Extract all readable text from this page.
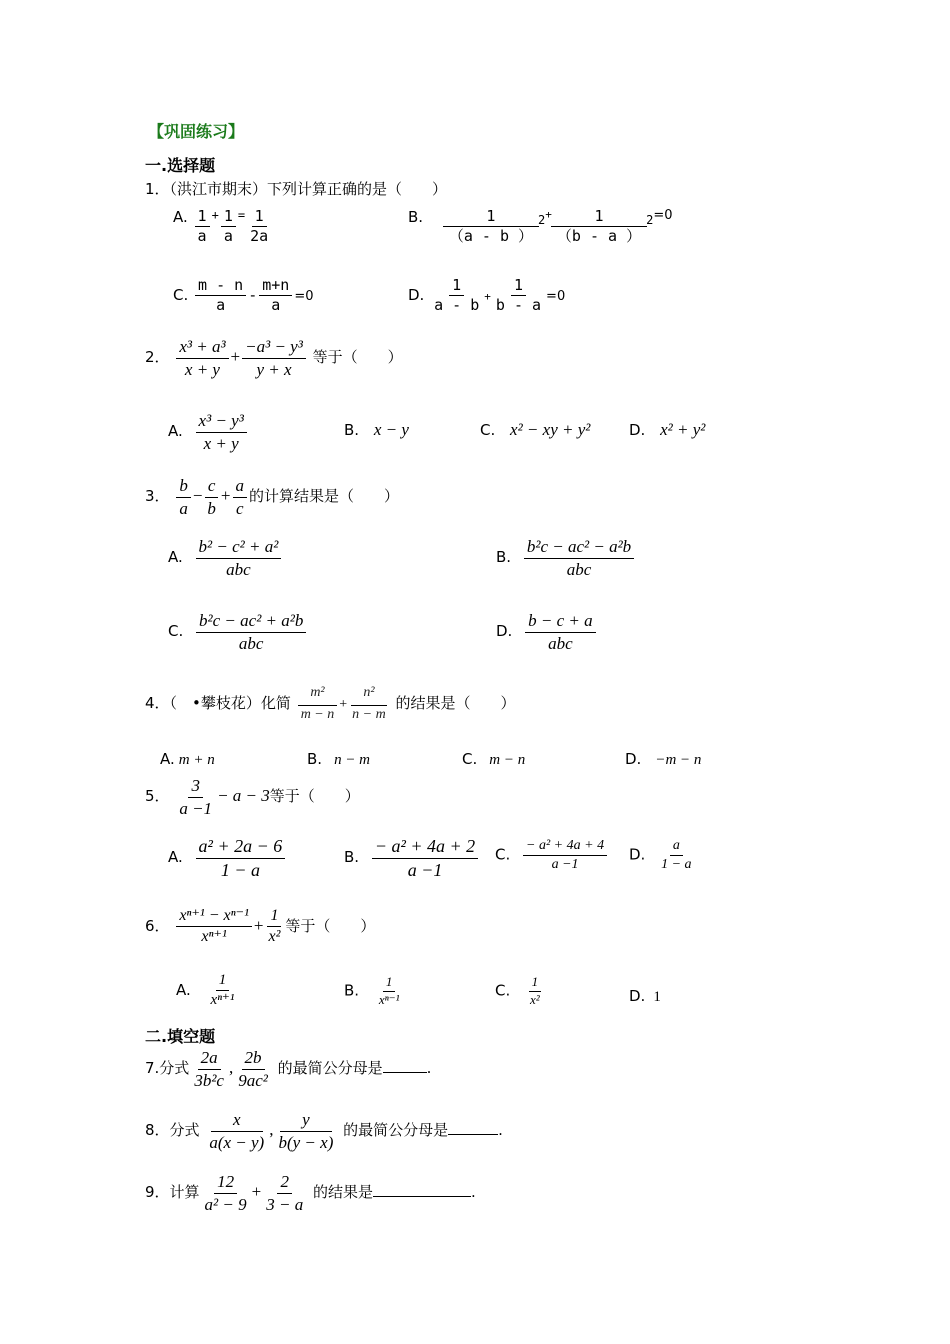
【巩固练习】
一.选择题
1．（洪江市期末）下列计算正确的是（　　）
A. $\frac{1}{a} ^+ \frac{1}{a} ^= \frac{1}{2a}$	B. $\frac{1}{(a - b )} ^{2+} \frac{1}{(b - a )} ^2=0$
C. $\frac{m - n}{a} - \frac{m+n}{a} =0$	D. $\frac{1}{a - b} + \frac{1}{b - a} =0$
2． $\frac{\text{x³ + a³}}{x + y} + \frac{\text{−a³ − y³}}{y + x}$ 等于（　　）
A. $\frac{\text{x³ − y³}}{x + y}$	B. x − y	C. x² − xy + y²	D. x² + y²
3． $\frac{b}{a} - \frac{c}{b} + \frac{a}{c}$ 的计算结果是（　　）
A. $\frac{\text{b² − c² + a²}}{\text{abc}}$	B. $\frac{\text{b²c − ac² − a²b}}{\text{abc}}$
C. $\frac{\text{b²c − ac² + a²b}}{\text{abc}}$	D. $\frac{b - c + a}{\text{abc}}$
4．（　•攀枝花）化简 $\frac{\text{m²}}{m - n} + \frac{\text{n²}}{n - m}$ 的结果是（　　）
A. m + n	B. n − m	C. m − n	D. −m − n
5． $\frac{3}{a -1} - a - 3$等于（　　）
A. $\frac{\text{a² + 2a − 6}}{1 - a}$	B. $\frac{\text{− a² + 4a + 2}}{a -1} C$. $\frac{\text{− a² + 4a + 4}}{a -1} D$. $\frac{a}{1 - a}$
6． $\frac{\text{xⁿ⁺¹ − xⁿ⁻¹}}{\text{xⁿ⁺¹}} + \frac{1}{\text{x²}}$ 等于（　　）
A. $\frac{1}{\text{xⁿ⁺¹}}$	B. $\frac{1}{\text{xⁿ⁻¹}}$	C. $\frac{1}{\text{x²}}$	D. 1
二.填空题
7.分式 $\frac{2a}{\text{3b²c}}$ , $\frac{2b}{\text{9ac²}}$ 的最简公分母是	.
8．分式 $\frac{x}{a(x - y)}$ , $\frac{y}{b(y - x)}$ 的最简公分母是	.
9．计算 $\frac{12}{\text{a² − 9}} + \frac{2}{3 - a}$ 的结果是	.
